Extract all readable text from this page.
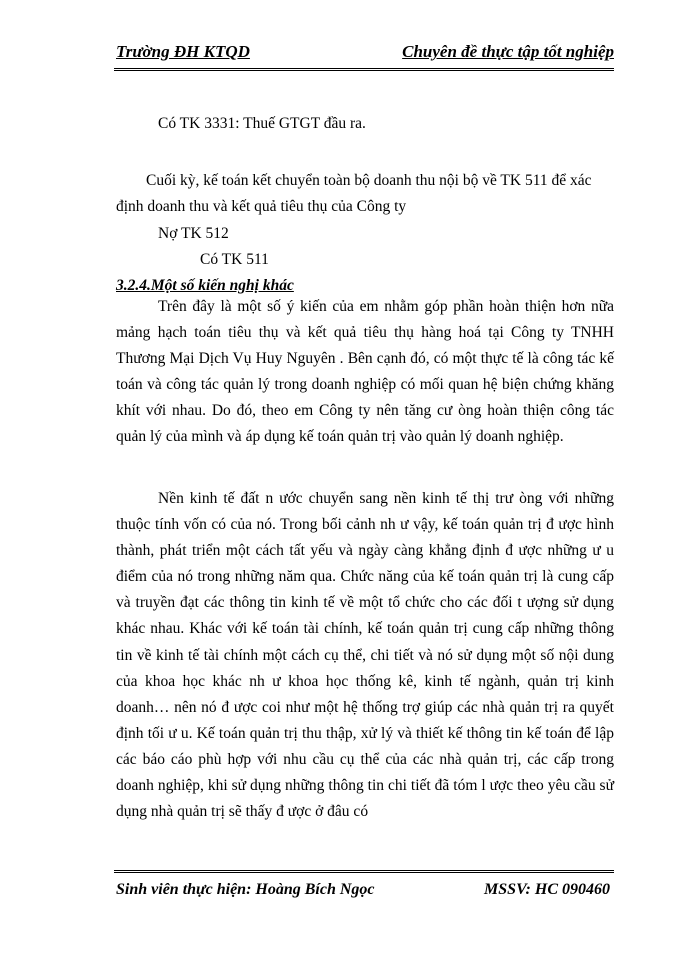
Trường ĐH KTQD	Chuyên đề thực tập tốt nghiệp
Có TK 3331: Thuế GTGT đầu ra.
Cuối kỳ, kế toán kết chuyển toàn bộ doanh thu nội bộ về TK 511 để xác
định doanh thu và kết quả tiêu thụ của Công ty
Nợ TK 512
Có TK 511
3.2.4.Một số kiến nghị khác
Trên đây là một số ý kiến của em nhằm góp phần hoàn thiện hơn nữa mảng hạch toán tiêu thụ và kết quả tiêu thụ hàng hoá tại Công ty TNHH Thương Mại Dịch Vụ Huy Nguyên . Bên cạnh đó, có một thực tế là công tác kế toán và công tác quản lý trong doanh nghiệp có mối quan hệ biện chứng khăng khít với nhau. Do đó, theo em Công ty nên tăng cư òng hoàn thiện công tác quản lý của mình và áp dụng kế toán quản trị vào quản lý doanh nghiệp.
Nền kinh tế đất n ước chuyển sang nền kinh tế thị trư òng với những thuộc tính vốn có của nó. Trong bối cảnh nh ư vậy, kế toán quản trị đ ược hình thành, phát triển một cách tất yếu và ngày càng khẳng định đ ược những ư u điểm của nó trong những năm qua. Chức năng của kế toán quản trị là cung cấp và truyền đạt các thông tin kinh tế về một tổ chức cho các đối t ượng sử dụng khác nhau. Khác với kế toán tài chính, kế toán quản trị cung cấp những thông tin về kinh tế tài chính một cách cụ thể, chi tiết và nó sử dụng một số nội dung của khoa học khác nh ư khoa học thống kê, kinh tế ngành, quản trị kinh doanh… nên nó đ ược coi như một hệ thống trợ giúp các nhà quản trị ra quyết định tối ư u. Kế toán quản trị thu thập, xử lý và thiết kế thông tin kế toán để lập các báo cáo phù hợp với nhu cầu cụ thể của các nhà quản trị, các cấp trong doanh nghiệp, khi sử dụng những thông tin chi tiết đã tóm l ược theo yêu cầu sử dụng nhà quản trị sẽ thấy đ ược ở đâu có
Sinh viên thực hiện: Hoàng Bích Ngọc	MSSV: HC 090460
